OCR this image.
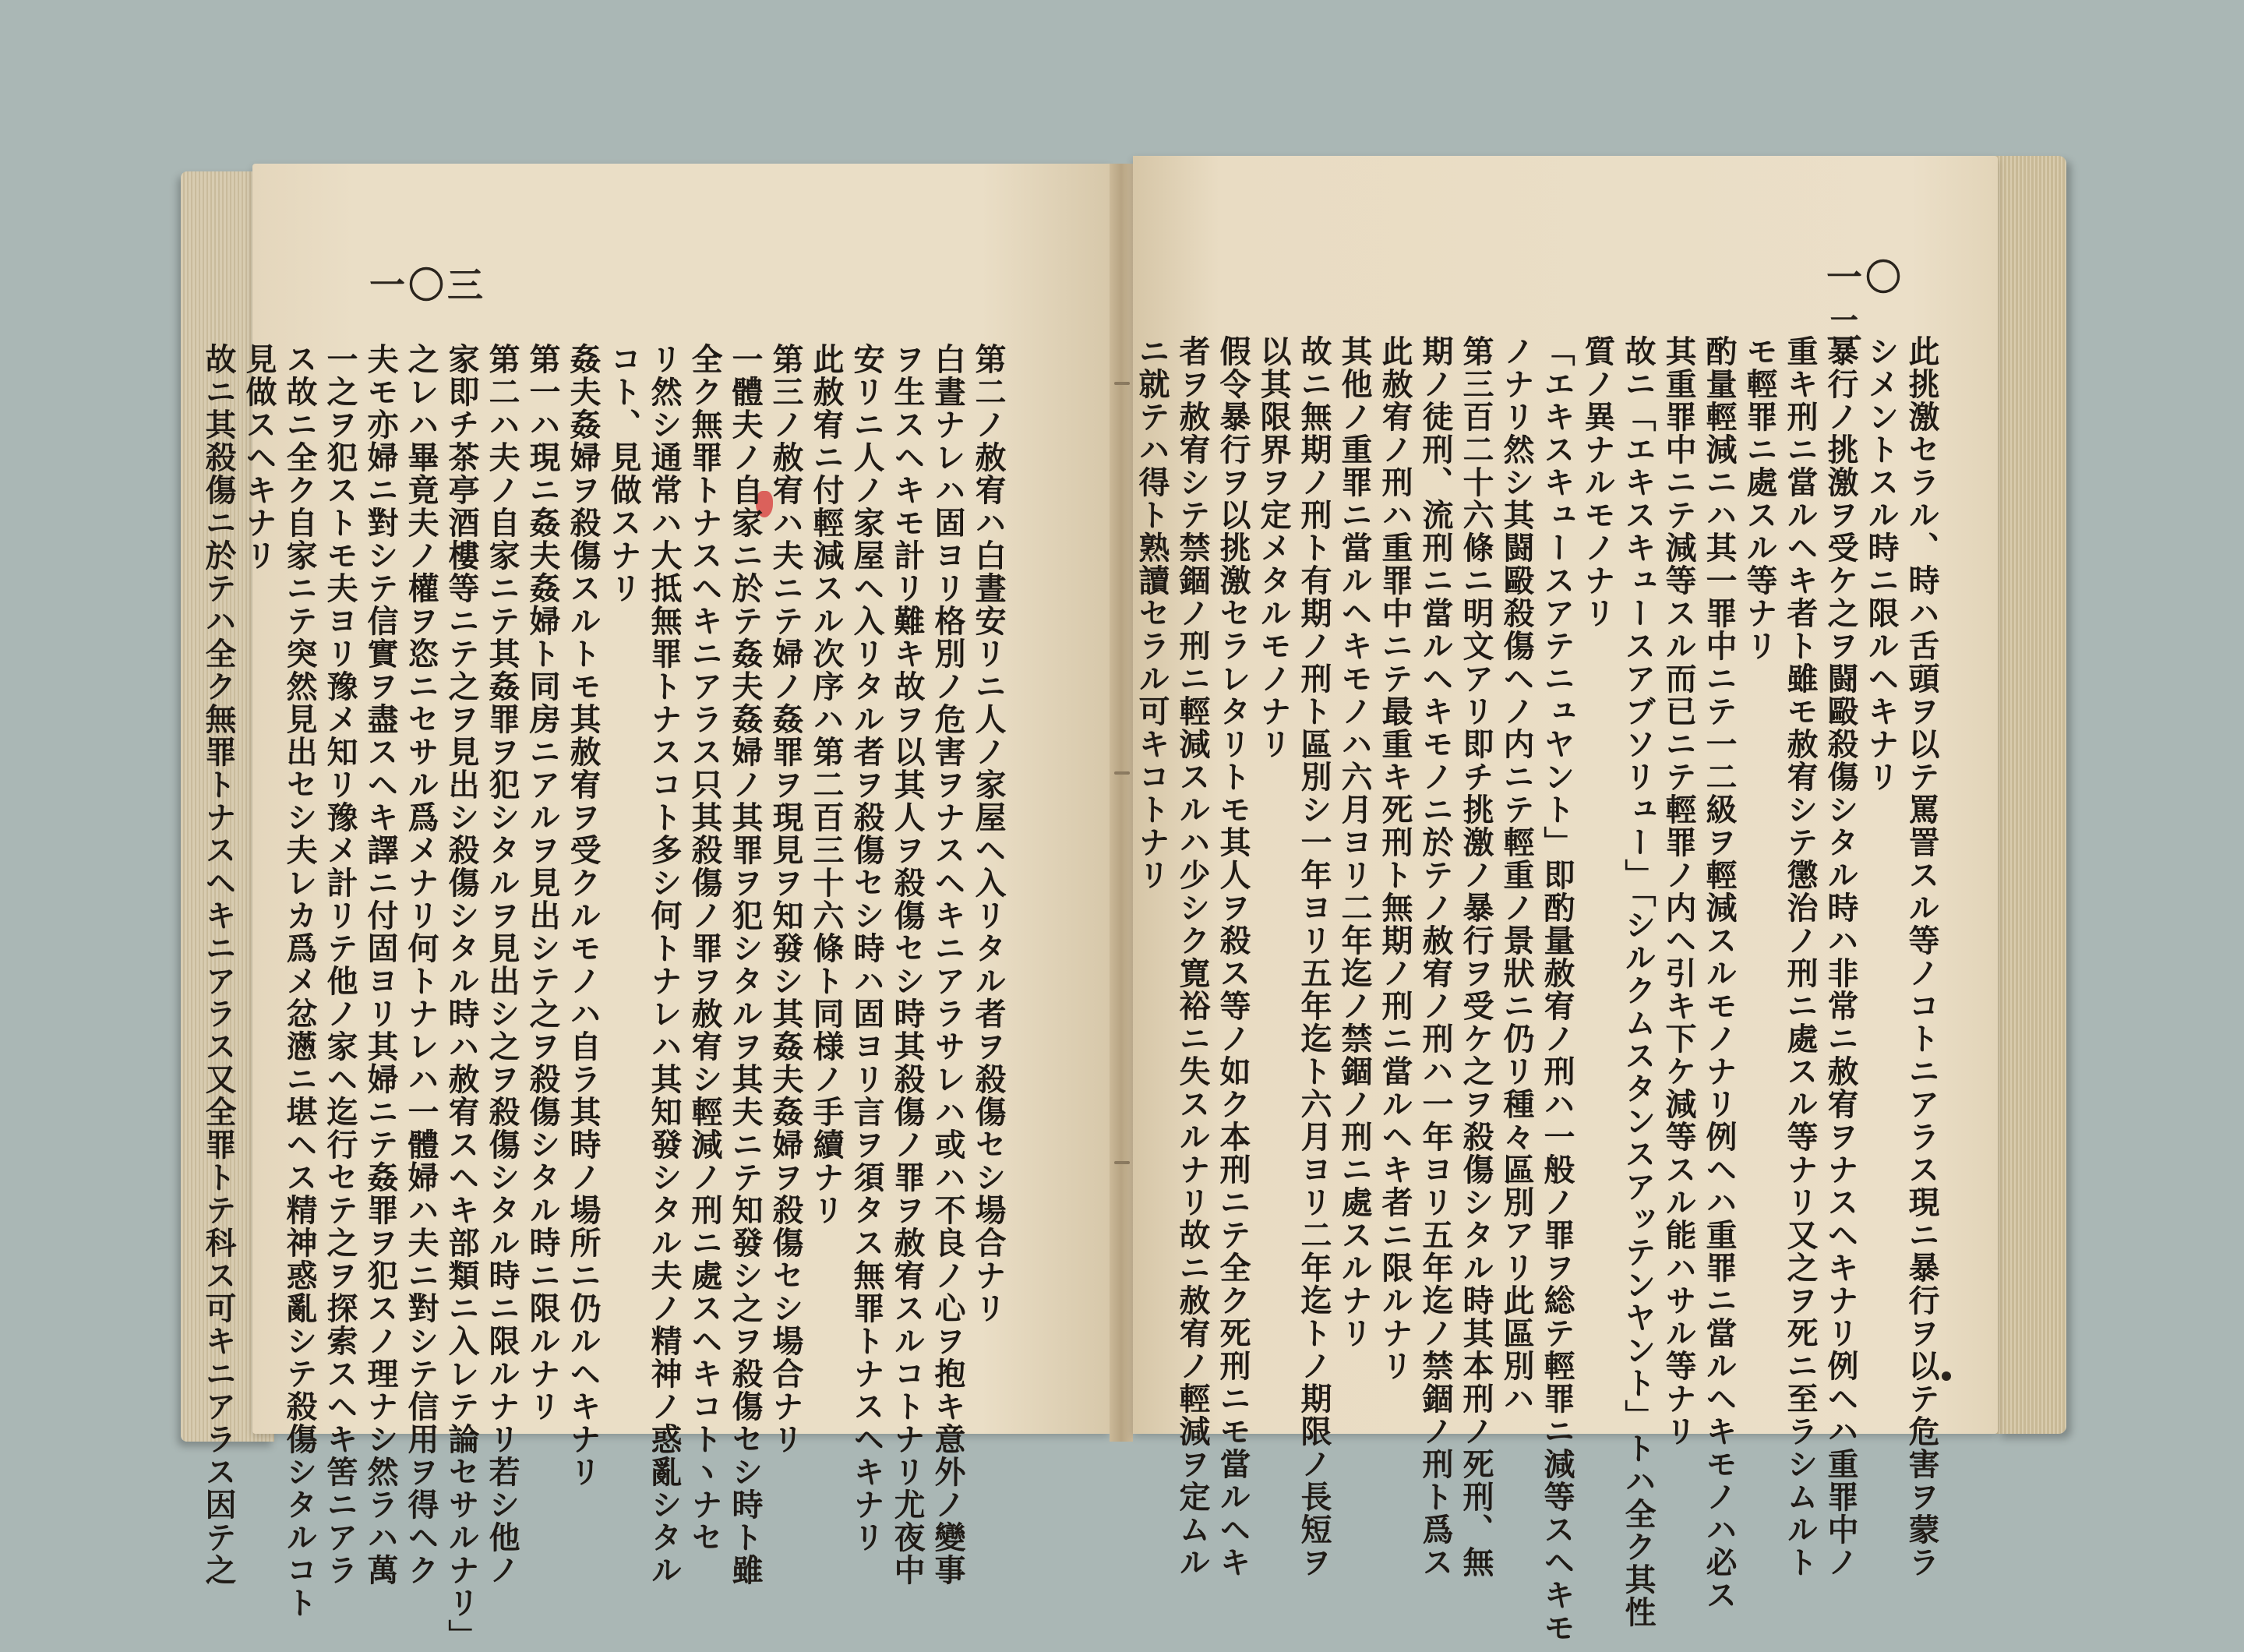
一〇三

第二ノ赦宥ハ白晝安リニ人ノ家屋ヘ入リタル者ヲ殺傷セシ場合ナリ

白晝ナレハ固ヨリ格別ノ危害ヲナスヘキニアラサレハ或ハ不良ノ心ヲ抱キ意外ノ變事

ヲ生スヘキモ計リ難キ故ヲ以其人ヲ殺傷セシ時其殺傷ノ罪ヲ赦宥スルコトナリ尤夜中

安リニ人ノ家屋ヘ入リタル者ヲ殺傷セシ時ハ固ヨリ言ヲ須タス無罪トナスヘキナリ

此赦宥ニ付輕減スル次序ハ第二百三十六條ト同様ノ手續ナリ

第三ノ赦宥ハ夫ニテ婦ノ姦罪ヲ現見ヲ知發シ其姦夫姦婦ヲ殺傷セシ場合ナリ

一體夫ノ自家ニ於テ姦夫姦婦ノ其罪ヲ犯シタルヲ其夫ニテ知發シ之ヲ殺傷セシ時ト雖

全ク無罪トナスヘキニアラス只其殺傷ノ罪ヲ赦宥シ輕減ノ刑ニ處スヘキコトヽナセ

リ然シ通常ハ大抵無罪トナスコト多シ何トナレハ其知發シタル夫ノ精神ノ惑亂シタル

コト、見做スナリ

姦夫姦婦ヲ殺傷スルトモ其赦宥ヲ受クルモノハ自ラ其時ノ場所ニ仍ルヘキナリ

第一ハ現ニ姦夫姦婦ト同房ニアルヲ見出シテ之ヲ殺傷シタル時ニ限ルナリ

第二ハ夫ノ自家ニテ其姦罪ヲ犯シタルヲ見出シ之ヲ殺傷シタル時ニ限ルナリ若シ他ノ

家即チ茶亭酒樓等ニテ之ヲ見出シ殺傷シタル時ハ赦宥スヘキ部類ニ入レテ論セサルナリ」

之レハ畢竟夫ノ權ヲ恣ニセサル爲メナリ何トナレハ一體婦ハ夫ニ對シテ信用ヲ得ヘク

夫モ亦婦ニ對シテ信實ヲ盡スヘキ譯ニ付固ヨリ其婦ニテ姦罪ヲ犯スノ理ナシ然ラハ萬

一之ヲ犯ストモ夫ヨリ豫メ知リ豫メ計リテ他ノ家ヘ迄行セテ之ヲ探索スヘキ筈ニアラ

ス故ニ全ク自家ニテ突然見出セシ夫レカ爲メ忿懣ニ堪ヘス精神惑亂シテ殺傷シタルコト

見做スヘキナリ

故ニ其殺傷ニ於テハ全ク無罪トナスヘキニアラス又全罪トテ科ス可キニアラス因テ之

一〇二

此挑激セラル、時ハ舌頭ヲ以テ罵詈スル等ノコトニアラス現ニ暴行ヲ以テ危害ヲ蒙ラ

シメントスル時ニ限ルヘキナリ

暴行ノ挑激ヲ受ケ之ヲ闘毆殺傷シタル時ハ非常ニ赦宥ヲナスヘキナリ例ヘハ重罪中ノ

重キ刑ニ當ルヘキ者ト雖モ赦宥シテ懲治ノ刑ニ處スル等ナリ又之ヲ死ニ至ラシムルト

モ輕罪ニ處スル等ナリ

酌量輕減ニハ其一罪中ニテ一二級ヲ輕減スルモノナリ例ヘハ重罪ニ當ルヘキモノハ必ス

其重罪中ニテ減等スル而已ニテ輕罪ノ内ヘ引キ下ケ減等スル能ハサル等ナリ

故ニ「エキスキュースアブソリュー」「シルクムスタンスアッテンヤント」トハ全ク其性

質ノ異ナルモノナリ

「エキスキュースアテニュヤント」即酌量赦宥ノ刑ハ一般ノ罪ヲ総テ輕罪ニ減等スヘキモ

ノナリ然シ其闘毆殺傷ヘノ内ニテ輕重ノ景狀ニ仍リ種々區別アリ此區別ハ

第三百二十六條ニ明文アリ即チ挑激ノ暴行ヲ受ケ之ヲ殺傷シタル時其本刑ノ死刑、無

期ノ徒刑、流刑ニ當ルヘキモノニ於テノ赦宥ノ刑ハ一年ヨリ五年迄ノ禁錮ノ刑ト爲ス

此赦宥ノ刑ハ重罪中ニテ最重キ死刑ト無期ノ刑ニ當ルヘキ者ニ限ルナリ

其他ノ重罪ニ當ルヘキモノハ六月ヨリ二年迄ノ禁錮ノ刑ニ處スルナリ

故ニ無期ノ刑ト有期ノ刑ト區別シ一年ヨリ五年迄ト六月ヨリ二年迄トノ期限ノ長短ヲ

以其限界ヲ定メタルモノナリ

假令暴行ヲ以挑激セラレタリトモ其人ヲ殺ス等ノ如ク本刑ニテ全ク死刑ニモ當ルヘキ

者ヲ赦宥シテ禁錮ノ刑ニ輕減スルハ少シク寛裕ニ失スルナリ故ニ赦宥ノ輕減ヲ定ムル

ニ就テハ得ト熟讀セラル可キコトナリ
